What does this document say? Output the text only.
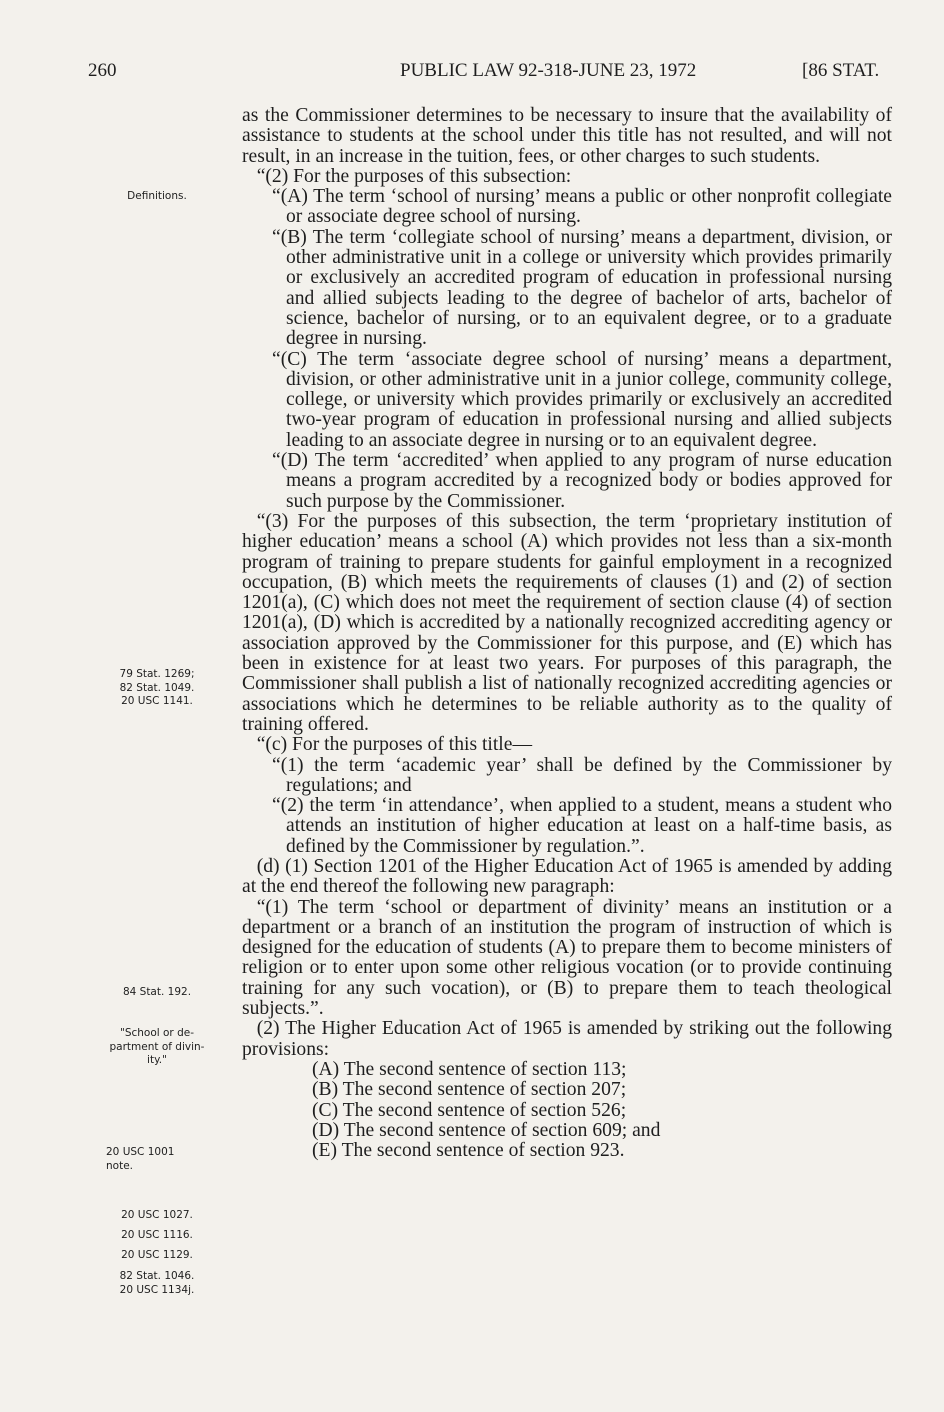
260	PUBLIC LAW 92-318-JUNE 23, 1972	[86 STAT.
Definitions.
79 Stat. 1269;
82 Stat. 1049.
20 USC 1141.
84 Stat. 192.
"School or de-
partment of divin-
ity."
20 USC 1001
note.
20 USC 1027.
20 USC 1116.
20 USC 1129.
82 Stat. 1046.
20 USC 1134j.

as the Commissioner determines to be necessary to insure that the availability of assistance to students at the school under this title has not resulted, and will not result, in an increase in the tuition, fees, or other charges to such students.

“(2) For the purposes of this subsection:

“(A) The term ‘school of nursing’ means a public or other nonprofit collegiate or associate degree school of nursing.

“(B) The term ‘collegiate school of nursing’ means a department, division, or other administrative unit in a college or university which provides primarily or exclusively an accredited program of education in professional nursing and allied subjects leading to the degree of bachelor of arts, bachelor of science, bachelor of nursing, or to an equivalent degree, or to a graduate degree in nursing.

“(C) The term ‘associate degree school of nursing’ means a department, division, or other administrative unit in a junior college, community college, college, or university which provides primarily or exclusively an accredited two-year program of education in professional nursing and allied subjects leading to an associate degree in nursing or to an equivalent degree.

“(D) The term ‘accredited’ when applied to any program of nurse education means a program accredited by a recognized body or bodies approved for such purpose by the Commissioner.

“(3) For the purposes of this subsection, the term ‘proprietary institution of higher education’ means a school (A) which provides not less than a six-month program of training to prepare students for gainful employment in a recognized occupation, (B) which meets the requirements of clauses (1) and (2) of section 1201(a), (C) which does not meet the requirement of section clause (4) of section 1201(a), (D) which is accredited by a nationally recognized accrediting agency or association approved by the Commissioner for this purpose, and (E) which has been in existence for at least two years. For purposes of this paragraph, the Commissioner shall publish a list of nationally recognized accrediting agencies or associations which he determines to be reliable authority as to the quality of training offered.

“(c) For the purposes of this title—

“(1) the term ‘academic year’ shall be defined by the Commissioner by regulations; and

“(2) the term ‘in attendance’, when applied to a student, means a student who attends an institution of higher education at least on a half-time basis, as defined by the Commissioner by regulation.”.

(d) (1) Section 1201 of the Higher Education Act of 1965 is amended by adding at the end thereof the following new paragraph:

“(1) The term ‘school or department of divinity’ means an institution or a department or a branch of an institution the program of instruction of which is designed for the education of students (A) to prepare them to become ministers of religion or to enter upon some other religious vocation (or to provide continuing training for any such vocation), or (B) to prepare them to teach theological subjects.”.

(2) The Higher Education Act of 1965 is amended by striking out the following provisions:

(A) The second sentence of section 113;

(B) The second sentence of section 207;

(C) The second sentence of section 526;

(D) The second sentence of section 609; and

(E) The second sentence of section 923.
